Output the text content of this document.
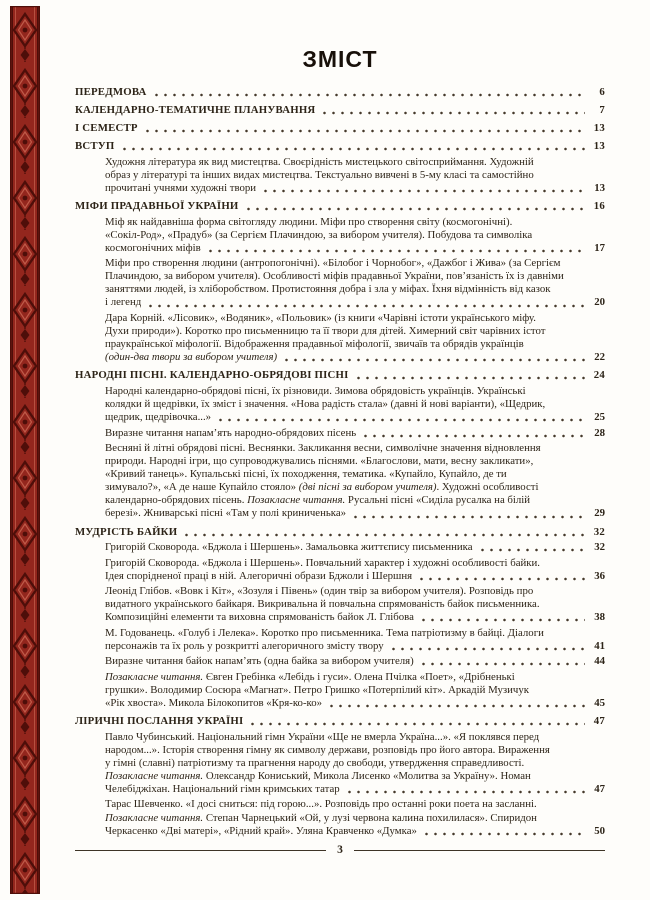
ЗМІСТ
ПЕРЕДМОВА	6
КАЛЕНДАРНО-ТЕМАТИЧНЕ ПЛАНУВАННЯ	7
І СЕМЕСТР	13
ВСТУП	13
Художня література як вид мистецтва. Своєрідність мистецького світосприймання. Художній
образ у літературі та інших видах мистецтва. Текстуально вивчені в 5-му класі та самостійно
прочитані учнями художні твори	13
МІФИ ПРАДАВНЬОЇ УКРАЇНИ	16
Міф як найдавніша форма світогляду людини. Міфи про створення світу (космогонічні).
«Сокіл-Род», «Прадуб» (за Сергієм Плачиндою, за вибором учителя). Побудова та символіка
космогонічних міфів	17
Міфи про створення людини (антропогонічні). «Білобог і Чорнобог», «Дажбог і Жива» (за Сергієм
Плачиндою, за вибором учителя). Особливості міфів прадавньої України, пов’язаність їх із давніми
заняттями людей, із хліборобством. Протистояння добра і зла у міфах. Їхня відмінність від казок
і легенд	20
Дара Корній. «Лісовик», «Водяник», «Польовик» (із книги «Чарівні істоти українського міфу.
Духи природи»). Коротко про письменницю та її твори для дітей. Химерний світ чарівних істот
праукраїнської міфології. Відображення прадавньої міфології, звичаїв та обрядів українців
(один-два твори за вибором учителя)	22
НАРОДНІ ПІСНІ. КАЛЕНДАРНО-ОБРЯДОВІ ПІСНІ	24
Народні календарно-обрядові пісні, їх різновиди. Зимова обрядовість українців. Українські
колядки й щедрівки, їх зміст і значення. «Нова радість стала» (давні й нові варіанти), «Щедрик,
щедрик, щедрівочка...»	25
Виразне читання напам’ять народно-обрядових пісень	28
Весняні й літні обрядові пісні. Веснянки. Закликання весни, символічне значення відновлення
природи. Народні ігри, що супроводжувались піснями. «Благослови, мати, весну закликати»,
«Кривий танець». Купальські пісні, їх походження, тематика. «Купайло, Купайло, де ти
зимувало?», «А де наше Купайло стояло» (дві пісні за вибором учителя). Художні особливості
календарно-обрядових пісень. Позакласне читання. Русальні пісні «Сиділа русалка на білій
березі». Жниварські пісні «Там у полі криниченька»	29
МУДРІСТЬ БАЙКИ	32
Григорій Сковорода. «Бджола і Шершень». Замальовка життєпису письменника	32
Григорій Сковорода. «Бджола і Шершень». Повчальний характер і художні особливості байки.
Ідея спорідненої праці в ній. Алегоричні образи Бджоли і Шершня	36
Леонід Глібов. «Вовк і Кіт», «Зозуля і Півень» (один твір за вибором учителя). Розповідь про
видатного українського байкаря. Викривальна й повчальна спрямованість байок письменника.
Композиційні елементи та виховна спрямованість байок Л. Глібова	38
М. Годованець. «Голуб і Лелека». Коротко про письменника. Тема патріотизму в байці. Діалоги
персонажів та їх роль у розкритті алегоричного змісту твору	41
Виразне читання байок напам’ять (одна байка за вибором учителя)	44
Позакласне читання. Євген Гребінка «Лебідь і гуси». Олена Пчілка «Поет», «Дрібненькі
грушки». Володимир Сосюра «Магнат». Петро Гришко «Потерпілий кіт». Аркадій Музичук
«Рік хвоста». Микола Білокопитов «Кря-ко-ко»	45
ЛІРИЧНІ ПОСЛАННЯ УКРАЇНІ	47
Павло Чубинський. Національний гімн України «Ще не вмерла Україна...». «Я поклявся перед
народом...». Історія створення гімну як символу держави, розповідь про його автора. Вираження
у гімні (славні) патріотизму та прагнення народу до свободи, утвердження справедливості.
Позакласне читання. Олександр Кониський, Микола Лисенко «Молитва за Україну». Номан
Челебіджіхан. Національний гімн кримських татар	47
Тарас Шевченко. «І досі сниться: під горою...». Розповідь про останні роки поета на засланні.
Позакласне читання. Степан Чарнецький «Ой, у лузі червона калина похилилася». Спиридон
Черкасенко «Дві матері», «Рідний край». Уляна Кравченко «Думка»	50
3
